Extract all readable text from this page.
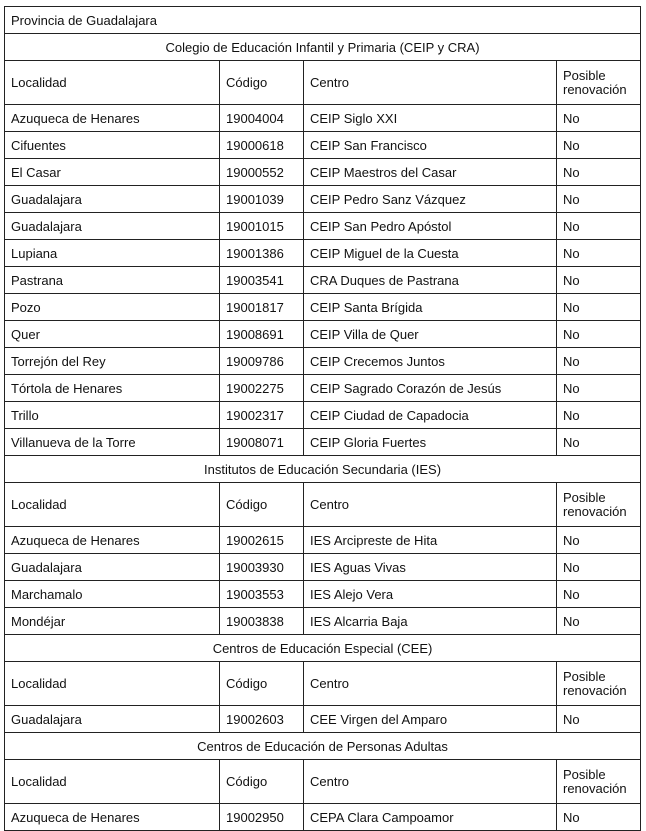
Provincia de Guadalajara			
Colegio de Educación Infantil y Primaria (CEIP y CRA)			
Localidad	Código	Centro	Posible renovación
Azuqueca de Henares	19004004	CEIP Siglo XXI	No
Cifuentes	19000618	CEIP San Francisco	No
El Casar	19000552	CEIP Maestros del Casar	No
Guadalajara	19001039	CEIP Pedro Sanz Vázquez	No
Guadalajara	19001015	CEIP San Pedro Apóstol	No
Lupiana	19001386	CEIP Miguel de la Cuesta	No
Pastrana	19003541	CRA Duques de Pastrana	No
Pozo	19001817	CEIP Santa Brígida	No
Quer	19008691	CEIP Villa de Quer	No
Torrejón del Rey	19009786	CEIP Crecemos Juntos	No
Tórtola de Henares	19002275	CEIP Sagrado Corazón de Jesús	No
Trillo	19002317	CEIP Ciudad de Capadocia	No
Villanueva de la Torre	19008071	CEIP Gloria Fuertes	No
Institutos de Educación Secundaria (IES)			
Localidad	Código	Centro	Posible renovación
Azuqueca de Henares	19002615	IES Arcipreste de Hita	No
Guadalajara	19003930	IES Aguas Vivas	No
Marchamalo	19003553	IES Alejo Vera	No
Mondéjar	19003838	IES Alcarria Baja	No
Centros de Educación Especial (CEE)			
Localidad	Código	Centro	Posible renovación
Guadalajara	19002603	CEE Virgen del Amparo	No
Centros de Educación de Personas Adultas			
Localidad	Código	Centro	Posible renovación
Azuqueca de Henares	19002950	CEPA Clara Campoamor	No
